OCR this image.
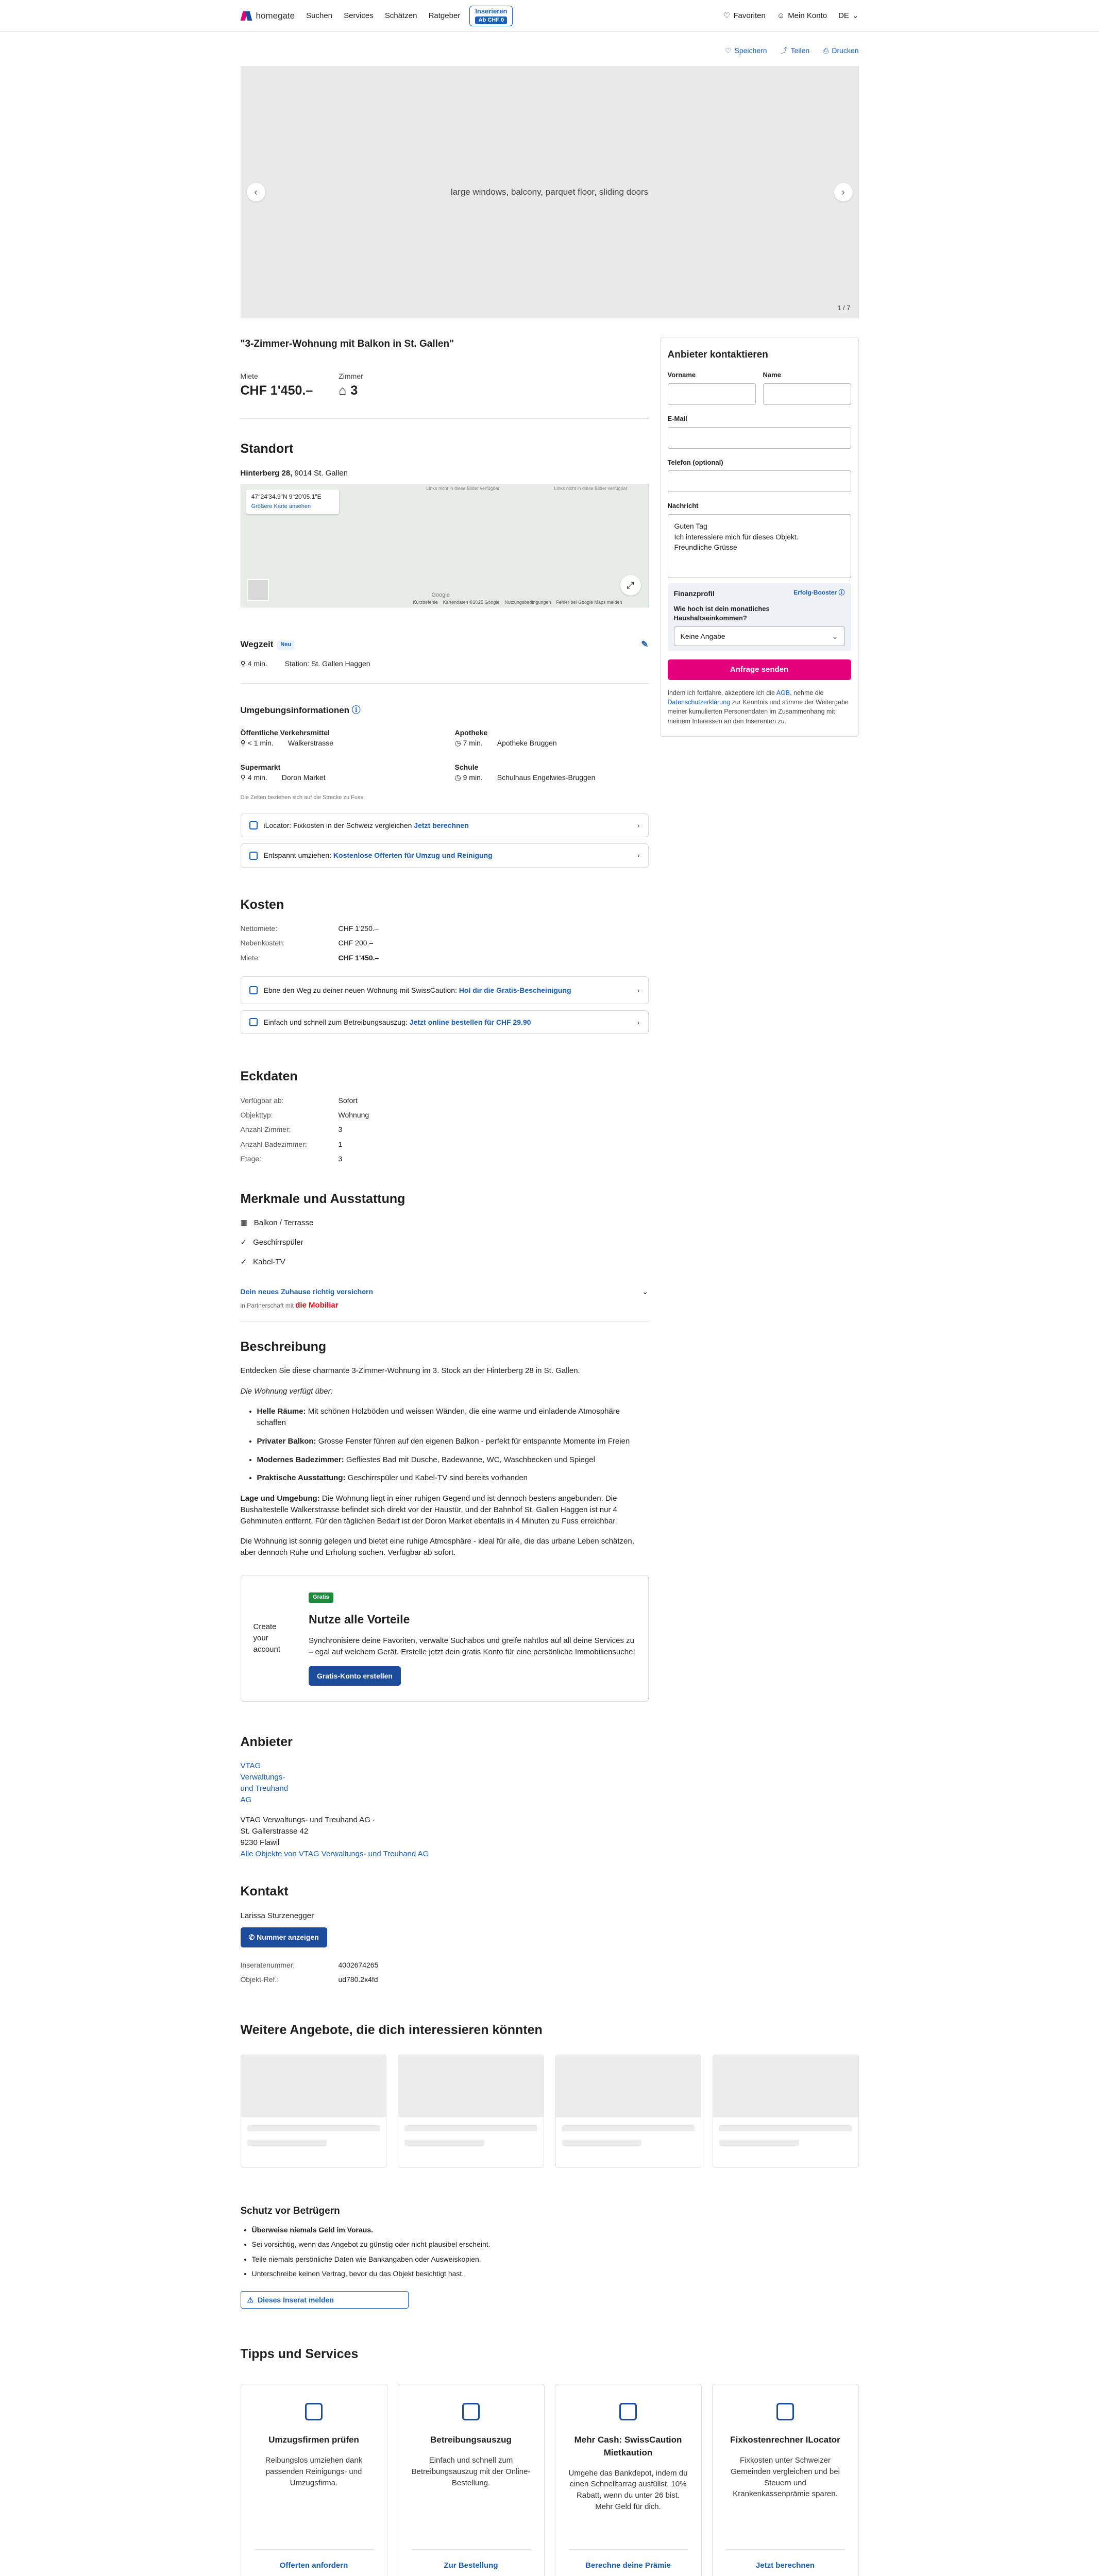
homegate Suchen Services Schätzen Ratgeber
Inserieren
Ab CHF 0
♡ Favoriten ☺ Mein Konto DE ⌄
♡ Speichern ⤴ Teilen ⎙ Drucken
‹	large windows, balcony, parquet floor, sliding doors	›
1 / 7
"3-Zimmer-Wohnung mit Balkon in St. Gallen"
Miete
CHF 1'450.–
Zimmer
⌂ 3
Standort
Hinterberg 28, 9014 St. Gallen
Links nicht in diese Bilder verfügbar	Links nicht in diese Bilder verfügbar
47°24'34.9"N 9°20'05.1"E
Größere Karte ansehen
Google
⤢
Kurzbefehle Kartendaten ©2025 Google Nutzungsbedingungen Fehler bei Google Maps melden
Wegzeit	Neu	✎
⚲ 4 min. Station: St. Gallen Haggen
Umgebungsinformationen ⓘ
Öffentliche Verkehrsmittel
⚲ < 1 min. Walkerstrasse
Apotheke
◷ 7 min. Apotheke Bruggen
Supermarkt
⚲ 4 min. Doron Market
Schule
◷ 9 min. Schulhaus Engelwies-Bruggen
Die Zeiten beziehen sich auf die Strecke zu Fuss.
iLocator: Fixkosten in der Schweiz vergleichen Jetzt berechnen	›
Entspannt umziehen: Kostenlose Offerten für Umzug und Reinigung	›
Kosten
Nettomiete:	CHF 1'250.–
Nebenkosten:	CHF 200.–
Miete:	CHF 1'450.–
Ebne den Weg zu deiner neuen Wohnung mit SwissCaution: Hol dir die Gratis-Bescheinigung	›
Einfach und schnell zum Betreibungsauszug: Jetzt online bestellen für CHF 29.90	›
Eckdaten
Verfügbar ab:	Sofort
Objekttyp:	Wohnung
Anzahl Zimmer:	3
Anzahl Badezimmer:	1
Etage:	3
Merkmale und Ausstattung
▥ Balkon / Terrasse
✓ Geschirrspüler
✓ Kabel-TV
Dein neues Zuhause richtig versichern
in Partnerschaft mit die Mobiliar
⌄
Beschreibung

Entdecken Sie diese charmante 3-Zimmer-Wohnung im 3. Stock an der Hinterberg 28 in St. Gallen.

Die Wohnung verfügt über:

• Helle Räume: Mit schönen Holzböden und weissen Wänden, die eine warme und einladende Atmosphäre schaffen
• Privater Balkon: Grosse Fenster führen auf den eigenen Balkon - perfekt für entspannte Momente im Freien
• Modernes Badezimmer: Gefliestes Bad mit Dusche, Badewanne, WC, Waschbecken und Spiegel
• Praktische Ausstattung: Geschirrspüler und Kabel-TV sind bereits vorhanden

Lage und Umgebung: Die Wohnung liegt in einer ruhigen Gegend und ist dennoch bestens angebunden. Die Bushaltestelle Walkerstrasse befindet sich direkt vor der Haustür, und der Bahnhof St. Gallen Haggen ist nur 4 Gehminuten entfernt. Für den täglichen Bedarf ist der Doron Market ebenfalls in 4 Minuten zu Fuss erreichbar.

Die Wohnung ist sonnig gelegen und bietet eine ruhige Atmosphäre - ideal für alle, die das urbane Leben schätzen, aber dennoch Ruhe und Erholung suchen. Verfügbar ab sofort.

Create your account
Gratis
Nutze alle Vorteile

Synchronisiere deine Favoriten, verwalte Suchabos und greife nahtlos auf all deine Services zu – egal auf welchem Gerät. Erstelle jetzt dein gratis Konto für eine persönliche Immobiliensuche!

Gratis-Konto erstellen
Anbieter
VTAG
Verwaltungs-
und Treuhand
AG
VTAG Verwaltungs- und Treuhand AG ·
St. Gallerstrasse 42
9230 Flawil
Alle Objekte von VTAG Verwaltungs- und Treuhand AG
Kontakt
Larissa Sturzenegger
✆ Nummer anzeigen
Inseratenummer:	4002674265
Objekt-Ref.:	ud780.2x4fd
Anbieter kontaktieren
Vorname	Name
E-Mail
Telefon (optional)
Nachricht
Guten Tag
Ich interessiere mich für dieses Objekt.
Freundliche Grüsse
Finanzprofil	Erfolg-Booster ⓘ
Wie hoch ist dein monatliches Haushaltseinkommen?
Keine Angabe	⌄
Anfrage senden
Indem ich fortfahre, akzeptiere ich die AGB, nehme die Datenschutzerklärung zur Kenntnis und stimme der Weitergabe meiner kumulierten Personendaten im Zusammenhang mit meinem Interessen an den Inserenten zu.
Weitere Angebote, die dich interessieren könnten
Schutz vor Betrügern
• Überweise niemals Geld im Voraus.
• Sei vorsichtig, wenn das Angebot zu günstig oder nicht plausibel erscheint.
• Teile niemals persönliche Daten wie Bankangaben oder Ausweiskopien.
• Unterschreibe keinen Vertrag, bevor du das Objekt besichtigt hast.
⚠ Dieses Inserat melden
Tipps und Services
Umzugsfirmen prüfen

Reibungslos umziehen dank passenden Reinigungs- und Umzugsfirma.

Offerten anfordern
Betreibungsauszug

Einfach und schnell zum Betreibungsauszug mit der Online-Bestellung.

Zur Bestellung
Mehr Cash: SwissCaution Mietkaution

Umgehe das Bankdepot, indem du einen Schnelltarrag ausfüllst. 10% Rabatt, wenn du unter 26 bist. Mehr Geld für dich.

Berechne deine Prämie
Fixkostenrechner ILocator

Fixkosten unter Schweizer Gemeinden vergleichen und bei Steuern und Krankenkassenprämie sparen.

Jetzt berechnen
